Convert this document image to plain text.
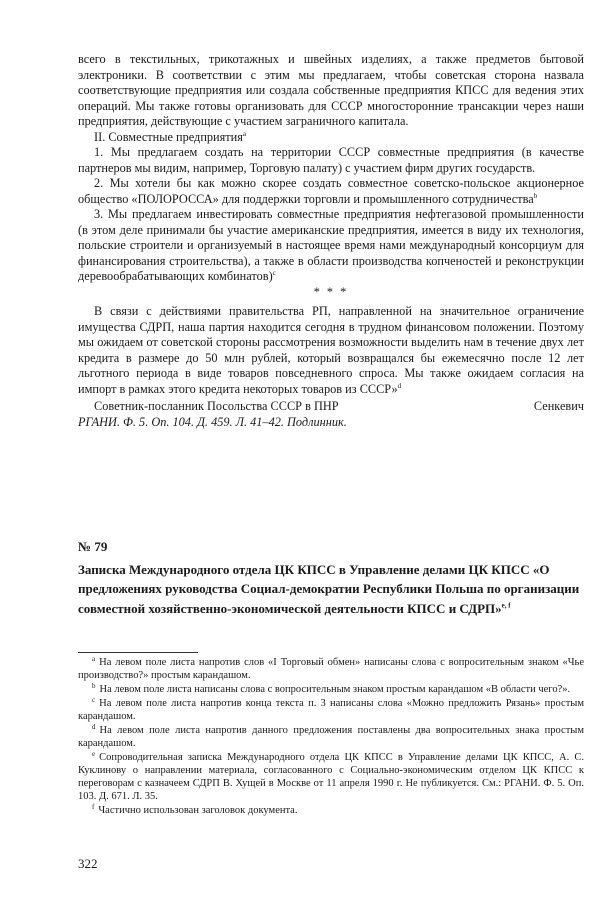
всего в текстильных, трикотажных и швейных изделиях, а также предметов бытовой электроники. В соответствии с этим мы предлагаем, чтобы советская сторона назвала соответствующие предприятия или создала собственные предприятия КПСС для ведения этих операций. Мы также готовы организовать для СССР многосторонние трансакции через наши предприятия, действующие с участием заграничного капитала.

II. Совместные предприятия$^a$

1. Мы предлагаем создать на территории СССР совместные предприятия (в качестве партнеров мы видим, например, Торговую палату) с участием фирм других государств.

2. Мы хотели бы как можно скорее создать совместное советско-польское акционерное общество «ПОЛОРОССА» для поддержки торговли и промышленного сотрудничества$^b$

3. Мы предлагаем инвестировать совместные предприятия нефтегазовой промышленности (в этом деле принимали бы участие американские предприятия, имеется в виду их технология, польские строители и организуемый в настоящее время нами международный консорциум для финансирования строительства), а также в области производства копченостей и реконструкции деревообрабатывающих комбинатов)$^c$

* * *

В связи с действиями правительства РП, направленной на значительное ограничение имущества СДРП, наша партия находится сегодня в трудном финансовом положении. Поэтому мы ожидаем от советской стороны рассмотрения возможности выделить нам в течение двух лет кредита в размере до 50 млн рублей, который возвращался бы ежемесячно после 12 лет льготного периода в виде товаров повседневного спроса. Мы также ожидаем согласия на импорт в рамках этого кредита некоторых товаров из СССР»$^d$

Советник-посланник Посольства СССР в ПНР	Сенкевич

РГАНИ. Ф. 5. Оп. 104. Д. 459. Л. 41–42. Подлинник.

№ 79
Записка Международного отдела ЦК КПСС в Управление делами ЦК КПСС «О предложениях руководства Социал-демократии Республики Польша по организации совместной хозяйственно-экономической деятельности КПСС и СДРП»$^{e, f}$

$^a$ На левом поле листа напротив слов «I Торговый обмен» написаны слова с вопросительным знаком «Чье производство?» простым карандашом.

$^b$ На левом поле листа написаны слова с вопросительным знаком простым карандашом «В области чего?».

$^c$ На левом поле листа напротив конца текста п. 3 написаны слова «Можно предложить Рязань» простым карандашом.

$^d$ На левом поле листа напротив данного предложения поставлены два вопросительных знака простым карандашом.

$^e$ Сопроводительная записка Международного отдела ЦК КПСС в Управление делами ЦК КПСС, А. С. Куклинову о направлении материала, согласованного с Социально-экономическим отделом ЦК КПСС к переговорам с казначеем СДРП В. Хущей в Москве от 11 апреля 1990 г. Не публикуется. См.: РГАНИ. Ф. 5. Оп. 103. Д. 671. Л. 35.

$^f$ Частично использован заголовок документа.

322
